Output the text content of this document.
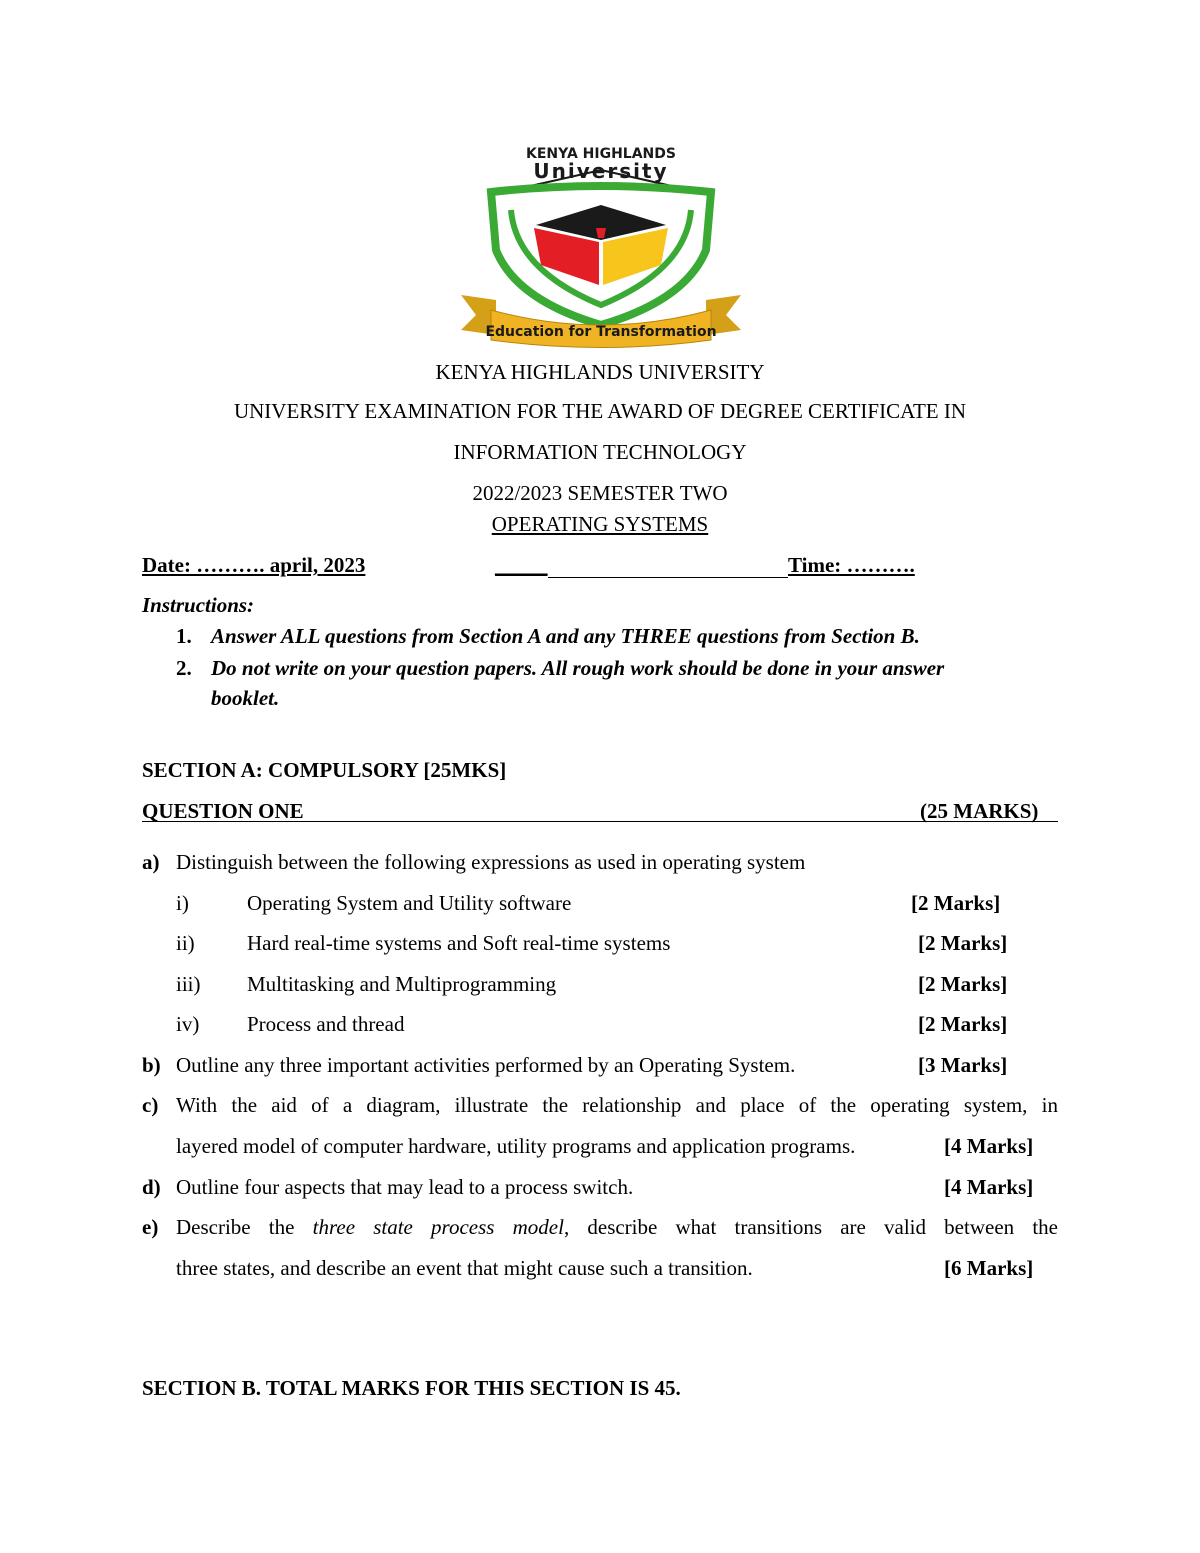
KENYA HIGHLANDS
University
Education for Transformation
KENYA HIGHLANDS UNIVERSITY
UNIVERSITY EXAMINATION FOR THE AWARD OF DEGREE CERTIFICATE IN
INFORMATION TECHNOLOGY
2022/2023 SEMESTER TWO
OPERATING SYSTEMS
Date: ………. april, 2023	_____	Time: ……….
Instructions:
1. Answer ALL questions from Section A and any THREE questions from Section B.
2. Do not write on your question papers. All rough work should be done in your answer
booklet.
SECTION A: COMPULSORY [25MKS]
QUESTION ONE	(25 MARKS)
a) Distinguish between the following expressions as used in operating system
i)	Operating System and Utility software	[2 Marks]
ii) Hard real-time systems and Soft real-time systems	[2 Marks]
iii) Multitasking and Multiprogramming	[2 Marks]
iv) Process and thread	[2 Marks]
b) Outline any three important activities performed by an Operating System.	[3 Marks]
c) With the aid of a diagram, illustrate the relationship and place of the operating system, in
layered model of computer hardware, utility programs and application programs.	[4 Marks]
d) Outline four aspects that may lead to a process switch.	[4 Marks]
e) Describe the three state process model, describe what transitions are valid between the
three states, and describe an event that might cause such a transition.	[6 Marks]
SECTION B. TOTAL MARKS FOR THIS SECTION IS 45.
